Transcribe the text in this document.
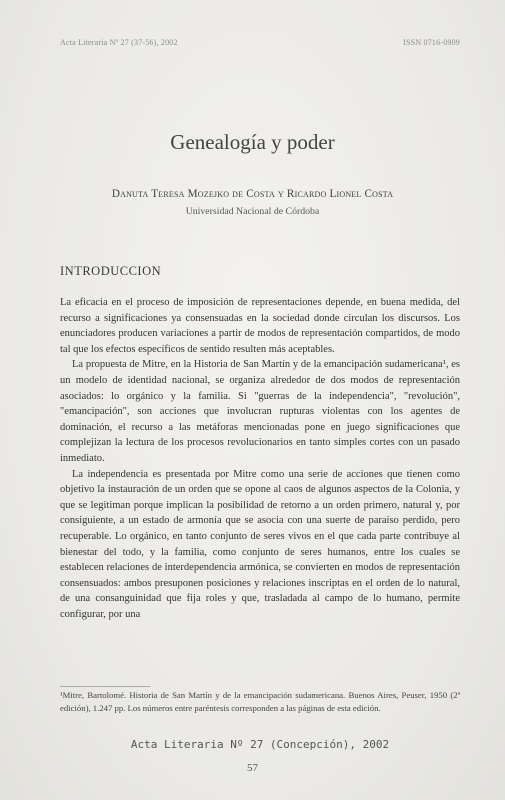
Acta Literaria Nº 27 (37-56), 2002	ISSN 0716-0909
Genealogía y poder
Danuta Teresa Mozejko de Costa y Ricardo Lionel Costa
Universidad Nacional de Córdoba
INTRODUCCION

La eficacia en el proceso de imposición de representaciones depende, en buena medida, del recurso a significaciones ya consensuadas en la sociedad donde circulan los discursos. Los enunciadores producen variaciones a partir de modos de representación compartidos, de modo tal que los efectos específicos de sentido resulten más aceptables.

La propuesta de Mitre, en la Historia de San Martín y de la emancipación sudamericana¹, es un modelo de identidad nacional, se organiza alrededor de dos modos de representación asociados: lo orgánico y la familia. Si "guerras de la independencia", "revolución", "emancipación", son acciones que involucran rupturas violentas con los agentes de dominación, el recurso a las metáforas mencionadas pone en juego significaciones que complejizan la lectura de los procesos revolucionarios en tanto simples cortes con un pasado inmediato.

La independencia es presentada por Mitre como una serie de acciones que tienen como objetivo la instauración de un orden que se opone al caos de algunos aspectos de la Colonia, y que se legitiman porque implican la posibilidad de retorno a un orden primero, natural y, por consiguiente, a un estado de armonía que se asocia con una suerte de paraíso perdido, pero recuperable. Lo orgánico, en tanto conjunto de seres vivos en el que cada parte contribuye al bienestar del todo, y la familia, como conjunto de seres humanos, entre los cuales se establecen relaciones de interdependencia armónica, se convierten en modos de representación consensuados: ambos presuponen posiciones y relaciones inscriptas en el orden de lo natural, de una consanguinidad que fija roles y que, trasladada al campo de lo humano, permite configurar, por una

¹Mitre, Bartolomé. Historia de San Martín y de la emancipación sudamericana. Buenos Aires, Peuser, 1950 (2ª edición), 1.247 pp. Los números entre paréntesis corresponden a las páginas de esta edición.
Acta Literaria Nº 27 (Concepción), 2002
57
